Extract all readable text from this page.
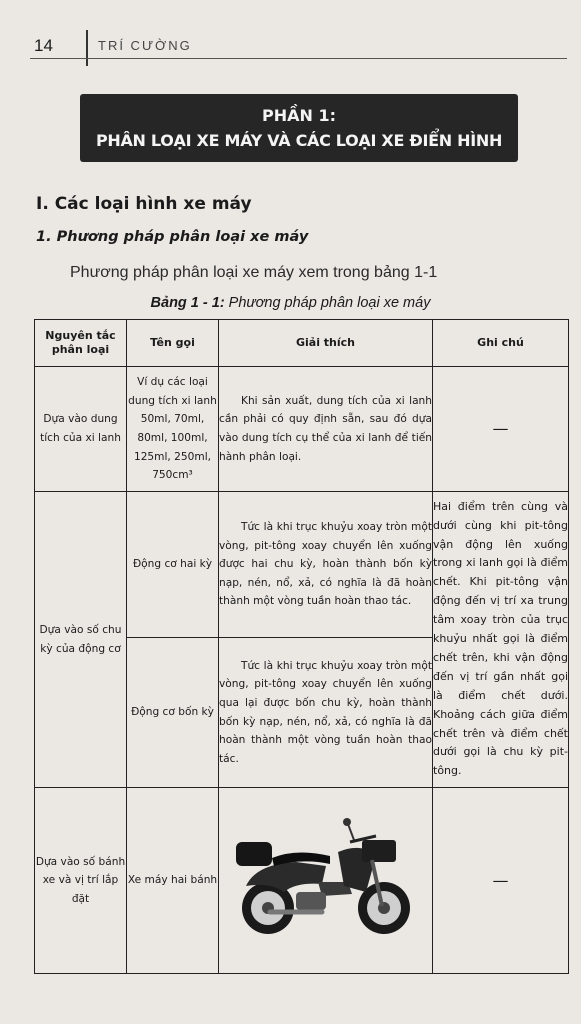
14	TRÍ CƯỜNG
PHẦN 1:
PHÂN LOẠI XE MÁY VÀ CÁC LOẠI XE ĐIỂN HÌNH
I. Các loại hình xe máy
1. Phương pháp phân loại xe máy
Phương pháp phân loại xe máy xem trong bảng 1-1
Bảng 1 - 1: Phương pháp phân loại xe máy
Nguyên tắc phân loại	Tên gọi	Giải thích	Ghi chú
Dựa vào dung tích của xi lanh	Ví dụ các loại dung tích xi lanh 50ml, 70ml, 80ml, 100ml, 125ml, 250ml, 750cm³	Khi sản xuất, dung tích của xi lanh cần phải có quy định sẵn, sau đó dựa vào dung tích cụ thể của xi lanh để tiến hành phân loại.	—
Dựa vào số chu kỳ của động cơ	Động cơ hai kỳ	Tức là khi trục khuỷu xoay tròn một vòng, pit-tông xoay chuyển lên xuống được hai chu kỳ, hoàn thành bốn kỳ nạp, nén, nổ, xả, có nghĩa là đã hoàn thành một vòng tuần hoàn thao tác.	Hai điểm trên cùng và dưới cùng khi pit-tông vận động lên xuống trong xi lanh gọi là điểm chết. Khi pit-tông vận động đến vị trí xa trung tâm xoay tròn của trục khuỷu nhất gọi là điểm chết trên, khi vận động đến vị trí gần nhất gọi là điểm chết dưới. Khoảng cách giữa điểm chết trên và điểm chết dưới gọi là chu kỳ pit-tông.
	Động cơ bốn kỳ	Tức là khi trục khuỷu xoay tròn một vòng, pit-tông xoay chuyển lên xuống qua lại được bốn chu kỳ, hoàn thành bốn kỳ nạp, nén, nổ, xả, có nghĩa là đã hoàn thành một vòng tuần hoàn thao tác.	
Dựa vào số bánh xe và vị trí lắp đặt	Xe máy hai bánh		—
